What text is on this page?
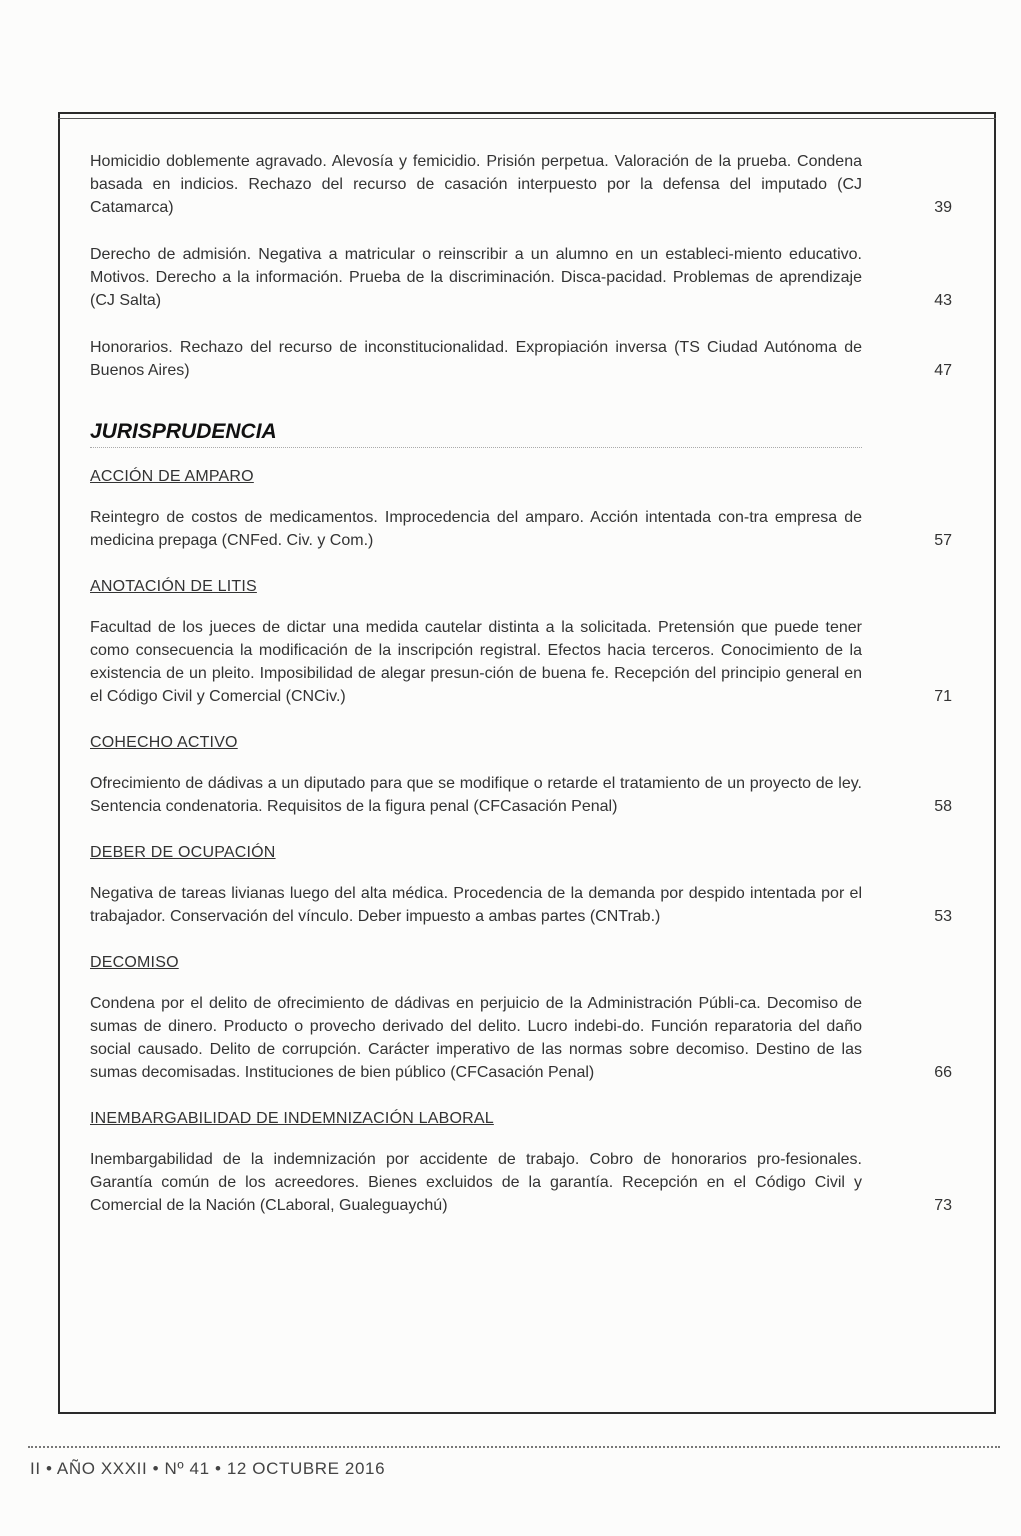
Homicidio doblemente agravado. Alevosía y femicidio. Prisión perpetua. Valoración de la prueba. Condena basada en indicios. Rechazo del recurso de casación interpuesto por la defensa del imputado (CJ Catamarca)	39
Derecho de admisión. Negativa a matricular o reinscribir a un alumno en un estableci-miento educativo. Motivos. Derecho a la información. Prueba de la discriminación. Disca-pacidad. Problemas de aprendizaje (CJ Salta)	43
Honorarios. Rechazo del recurso de inconstitucionalidad. Expropiación inversa (TS Ciudad Autónoma de Buenos Aires)	47
JURISPRUDENCIA
ACCIÓN DE AMPARO
Reintegro de costos de medicamentos. Improcedencia del amparo. Acción intentada con-tra empresa de medicina prepaga (CNFed. Civ. y Com.)	57
ANOTACIÓN DE LITIS
Facultad de los jueces de dictar una medida cautelar distinta a la solicitada. Pretensión que puede tener como consecuencia la modificación de la inscripción registral. Efectos hacia terceros. Conocimiento de la existencia de un pleito. Imposibilidad de alegar presun-ción de buena fe. Recepción del principio general en el Código Civil y Comercial (CNCiv.)	71
COHECHO ACTIVO
Ofrecimiento de dádivas a un diputado para que se modifique o retarde el tratamiento de un proyecto de ley. Sentencia condenatoria. Requisitos de la figura penal (CFCasación Penal)	58
DEBER DE OCUPACIÓN
Negativa de tareas livianas luego del alta médica. Procedencia de la demanda por despido intentada por el trabajador. Conservación del vínculo. Deber impuesto a ambas partes (CNTrab.)	53
DECOMISO
Condena por el delito de ofrecimiento de dádivas en perjuicio de la Administración Públi-ca. Decomiso de sumas de dinero. Producto o provecho derivado del delito. Lucro indebi-do. Función reparatoria del daño social causado. Delito de corrupción. Carácter imperativo de las normas sobre decomiso. Destino de las sumas decomisadas. Instituciones de bien público (CFCasación Penal)	66
INEMBARGABILIDAD DE INDEMNIZACIÓN LABORAL
Inembargabilidad de la indemnización por accidente de trabajo. Cobro de honorarios pro-fesionales. Garantía común de los acreedores. Bienes excluidos de la garantía. Recepción en el Código Civil y Comercial de la Nación (CLaboral, Gualeguaychú)	73
II • AÑO XXXII • Nº 41 • 12 OCTUBRE 2016
